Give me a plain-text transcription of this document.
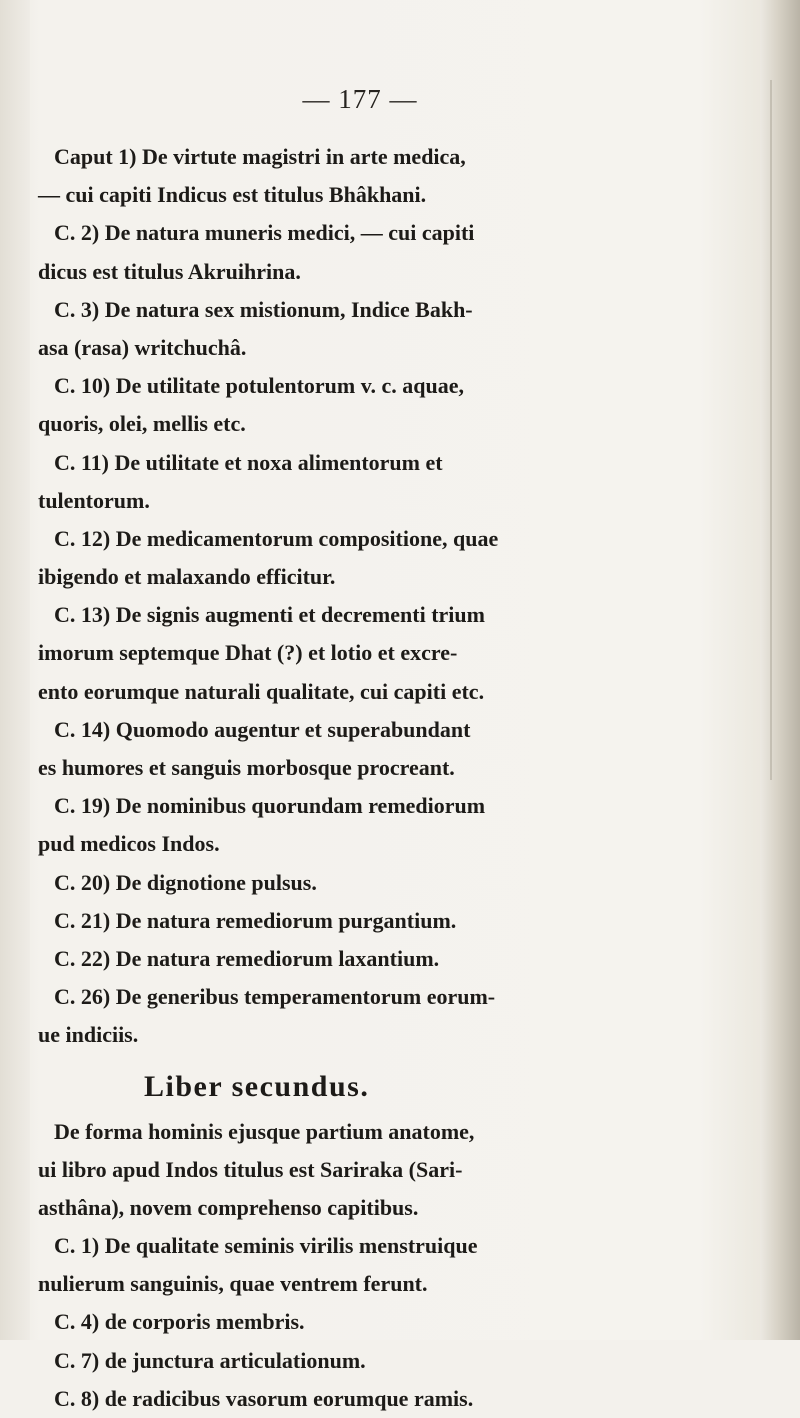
— 177 —
Caput 1) De virtute magistri in arte medica,
— cui capiti Indicus est titulus Bhâkhani.
C. 2) De natura muneris medici, — cui capiti
dicus est titulus Akruihrina.
C. 3) De natura sex mistionum, Indice Bakh-
asa (rasa) writchuchâ.
C. 10) De utilitate potulentorum v. c. aquae,
quoris, olei, mellis etc.
C. 11) De utilitate et noxa alimentorum et
tulentorum.
C. 12) De medicamentorum compositione, quae
ibigendo et malaxando efficitur.
C. 13) De signis augmenti et decrementi trium
imorum septemque Dhat (?) et lotio et excre-
ento eorumque naturali qualitate, cui capiti etc.
C. 14) Quomodo augentur et superabundant
es humores et sanguis morbosque procreant.
C. 19) De nominibus quorundam remediorum
pud medicos Indos.
C. 20) De dignotione pulsus.
C. 21) De natura remediorum purgantium.
C. 22) De natura remediorum laxantium.
C. 26) De generibus temperamentorum eorum-
ue indiciis.
Liber secundus.
De forma hominis ejusque partium anatome,
ui libro apud Indos titulus est Sariraka (Sari-
asthâna), novem comprehenso capitibus.
C. 1) De qualitate seminis virilis menstruique
nulierum sanguinis, quae ventrem ferunt.
C. 4) de corporis membris.
C. 7) de junctura articulationum.
C. 8) de radicibus vasorum eorumque ramis.
